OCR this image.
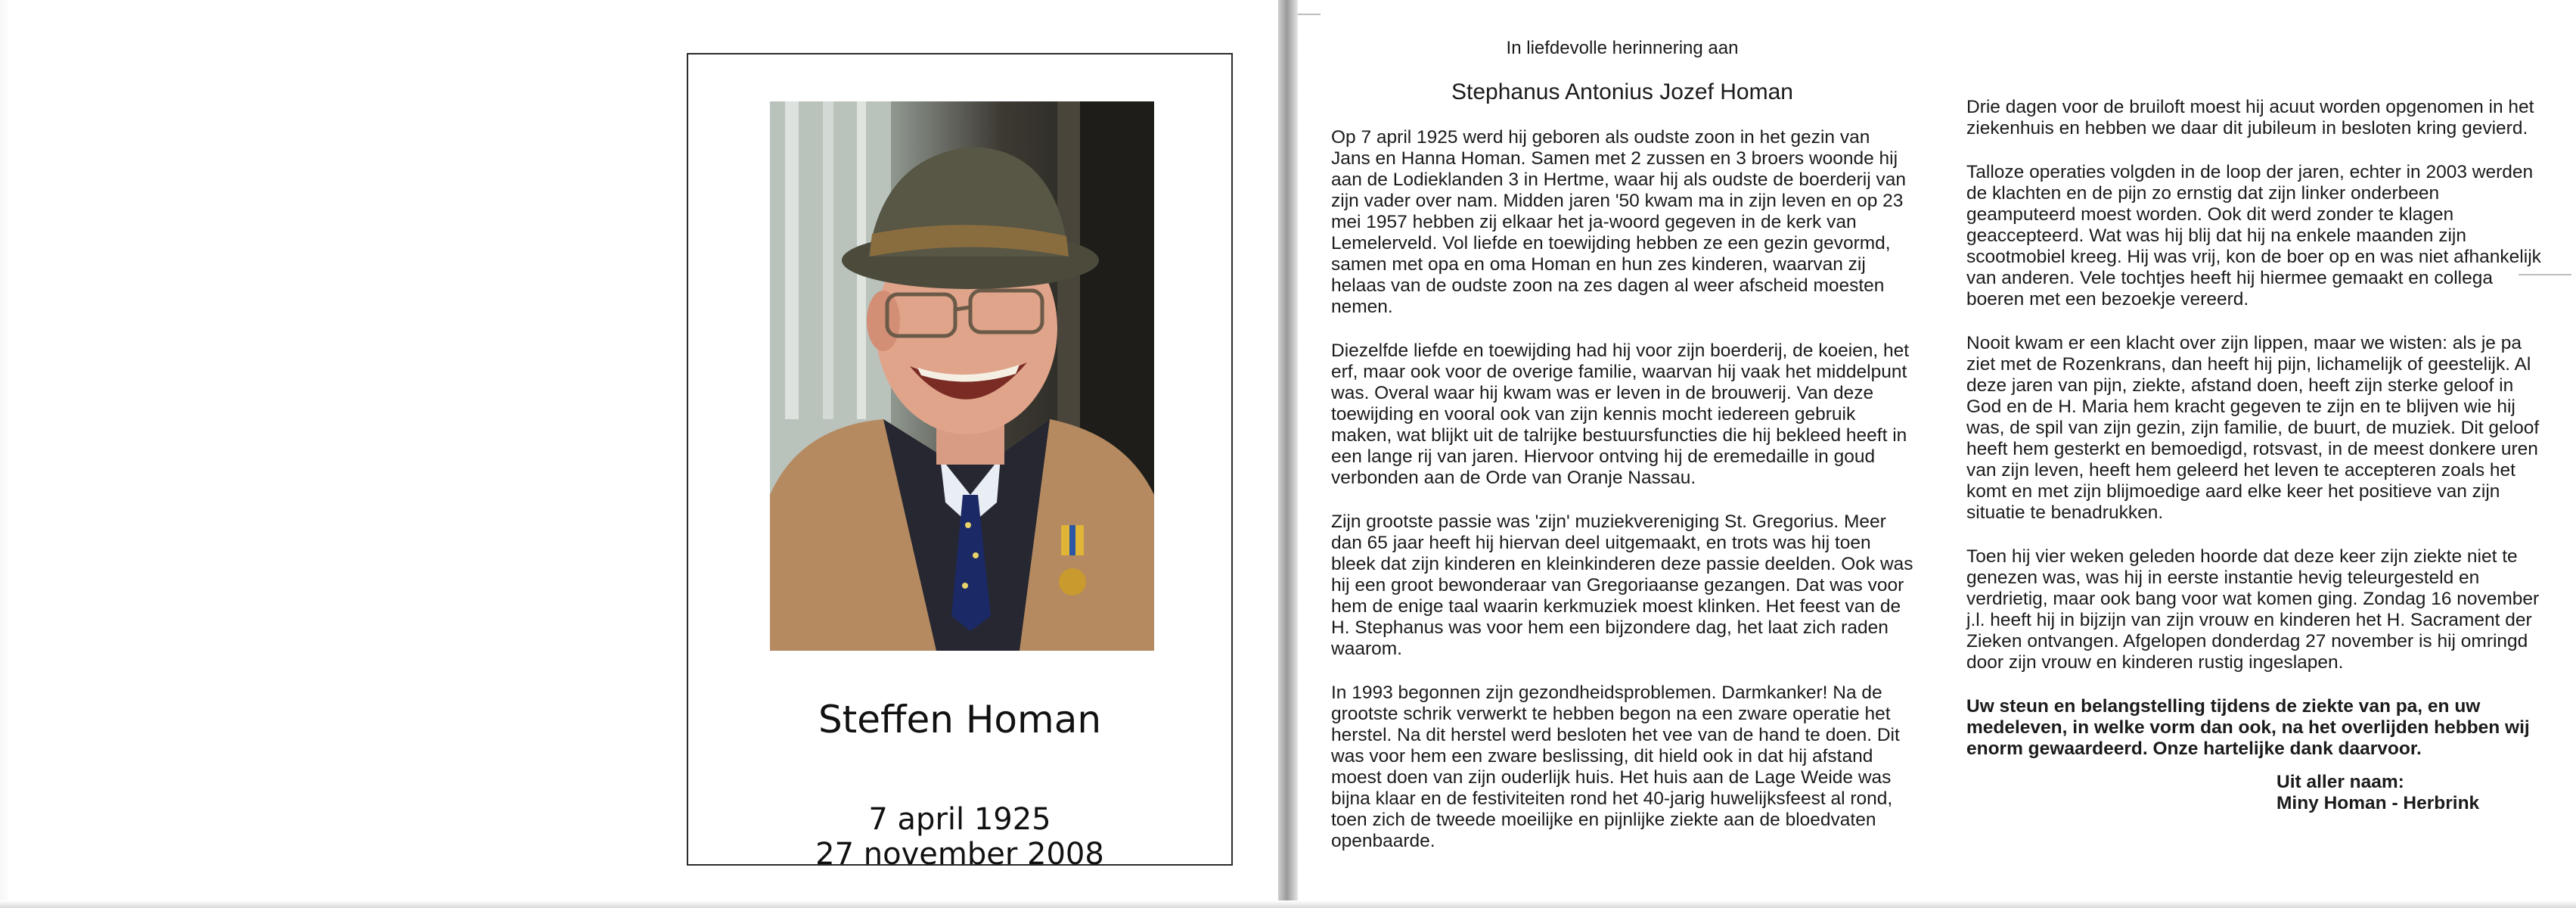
Steffen Homan
7 april 1925 27 november 2008
In liefdevolle herinnering aan
Stephanus Antonius Jozef Homan

Op 7 april 1925 werd hij geboren als oudste zoon in het gezin van Jans en Hanna Homan. Samen met 2 zussen en 3 broers woonde hij aan de Lodieklanden 3 in Hertme, waar hij als oudste de boerderij van zijn vader over nam. Midden jaren '50 kwam ma in zijn leven en op 23 mei 1957 hebben zij elkaar het ja-woord gegeven in de kerk van Lemelerveld. Vol liefde en toewijding hebben ze een gezin gevormd, samen met opa en oma Homan en hun zes kinderen, waarvan zij helaas van de oudste zoon na zes dagen al weer afscheid moesten nemen.

Diezelfde liefde en toewijding had hij voor zijn boerderij, de koeien, het erf, maar ook voor de overige familie, waarvan hij vaak het middelpunt was. Overal waar hij kwam was er leven in de brouwerij. Van deze toewijding en vooral ook van zijn kennis mocht iedereen gebruik maken, wat blijkt uit de talrijke bestuursfuncties die hij bekleed heeft in een lange rij van jaren. Hiervoor ontving hij de eremedaille in goud verbonden aan de Orde van Oranje Nassau.

Zijn grootste passie was 'zijn' muziekvereniging St. Gregorius. Meer dan 65 jaar heeft hij hiervan deel uitgemaakt, en trots was hij toen bleek dat zijn kinderen en kleinkinderen deze passie deelden. Ook was hij een groot bewonderaar van Gregoriaanse gezangen. Dat was voor hem de enige taal waarin kerkmuziek moest klinken. Het feest van de H. Stephanus was voor hem een bijzondere dag, het laat zich raden waarom.

In 1993 begonnen zijn gezondheidsproblemen. Darmkanker! Na de grootste schrik verwerkt te hebben begon na een zware operatie het herstel. Na dit herstel werd besloten het vee van de hand te doen. Dit was voor hem een zware beslissing, dit hield ook in dat hij afstand moest doen van zijn ouderlijk huis. Het huis aan de Lage Weide was bijna klaar en de festiviteiten rond het 40-jarig huwelijksfeest al rond, toen zich de tweede moeilijke en pijnlijke ziekte aan de bloedvaten openbaarde.

Drie dagen voor de bruiloft moest hij acuut worden opgenomen in het ziekenhuis en hebben we daar dit jubileum in besloten kring gevierd.

Talloze operaties volgden in de loop der jaren, echter in 2003 werden de klachten en de pijn zo ernstig dat zijn linker onderbeen geamputeerd moest worden. Ook dit werd zonder te klagen geaccepteerd. Wat was hij blij dat hij na enkele maanden zijn scootmobiel kreeg. Hij was vrij, kon de boer op en was niet afhankelijk van anderen. Vele tochtjes heeft hij hiermee gemaakt en collega boeren met een bezoekje vereerd.

Nooit kwam er een klacht over zijn lippen, maar we wisten: als je pa ziet met de Rozenkrans, dan heeft hij pijn, lichamelijk of geestelijk. Al deze jaren van pijn, ziekte, afstand doen, heeft zijn sterke geloof in God en de H. Maria hem kracht gegeven te zijn en te blijven wie hij was, de spil van zijn gezin, zijn familie, de buurt, de muziek. Dit geloof heeft hem gesterkt en bemoedigd, rotsvast, in de meest donkere uren van zijn leven, heeft hem geleerd het leven te accepteren zoals het komt en met zijn blijmoedige aard elke keer het positieve van zijn situatie te benadrukken.

Toen hij vier weken geleden hoorde dat deze keer zijn ziekte niet te genezen was, was hij in eerste instantie hevig teleurgesteld en verdrietig, maar ook bang voor wat komen ging. Zondag 16 november j.l. heeft hij in bijzijn van zijn vrouw en kinderen het H. Sacrament der Zieken ontvangen. Afgelopen donderdag 27 november is hij omringd door zijn vrouw en kinderen rustig ingeslapen.

Uw steun en belangstelling tijdens de ziekte van pa, en uw medeleven, in welke vorm dan ook, na het overlijden hebben wij enorm gewaardeerd. Onze hartelijke dank daarvoor.

Uit aller naam:
Miny Homan - Herbrink
